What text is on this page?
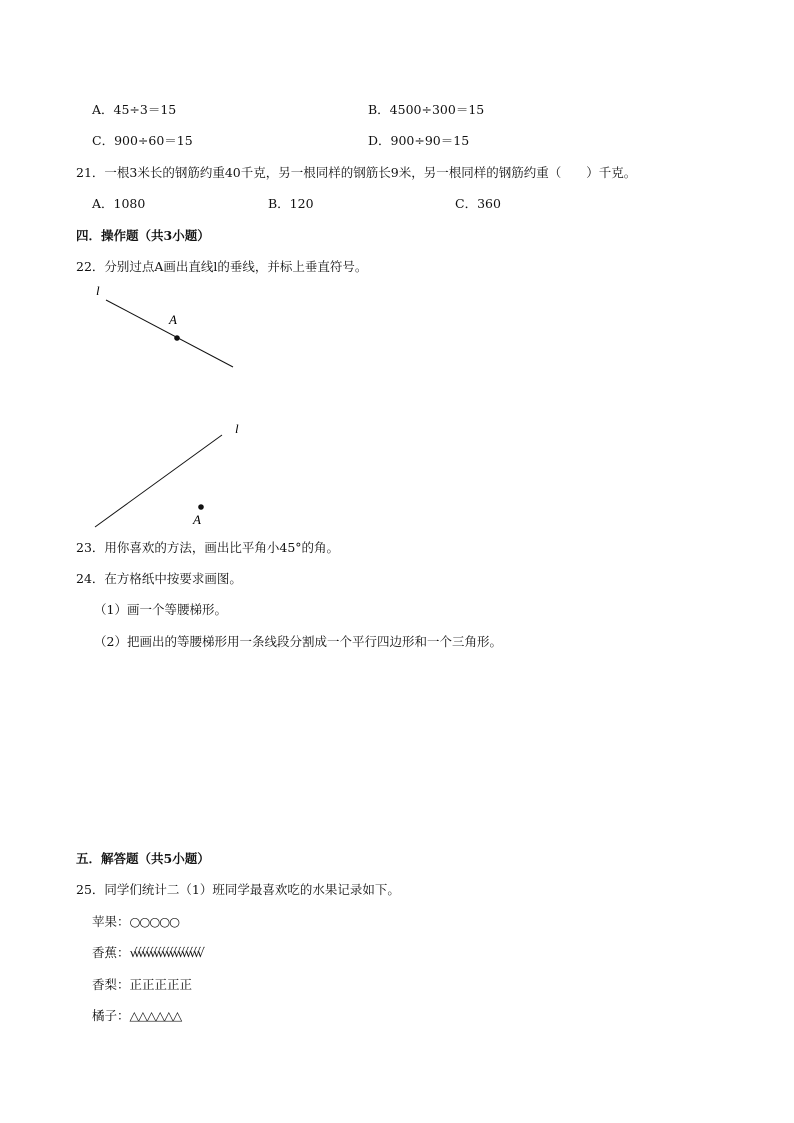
A．45÷3＝15	B．4500÷300＝15
C．900÷60＝15	D．900÷90＝15
21．一根3米长的钢筋约重40千克，另一根同样的钢筋长9米，另一根同样的钢筋约重（　　）千克。
A．1080	B．120	C．360
四．操作题（共3小题）
22．分别过点A画出直线l的垂线，并标上垂直符号。
l
A
l
A
23．用你喜欢的方法，画出比平角小45°的角。
24．在方格纸中按要求画图。
（1）画一个等腰梯形。
（2）把画出的等腰梯形用一条线段分割成一个平行四边形和一个三角形。
五．解答题（共5小题）
25．同学们统计二（1）班同学最喜欢吃的水果记录如下。
苹果：○○○○○
香蕉：√√√√√√√√√√√√√√√√√√
香梨：正正正正正
橘子：△△△△△△
